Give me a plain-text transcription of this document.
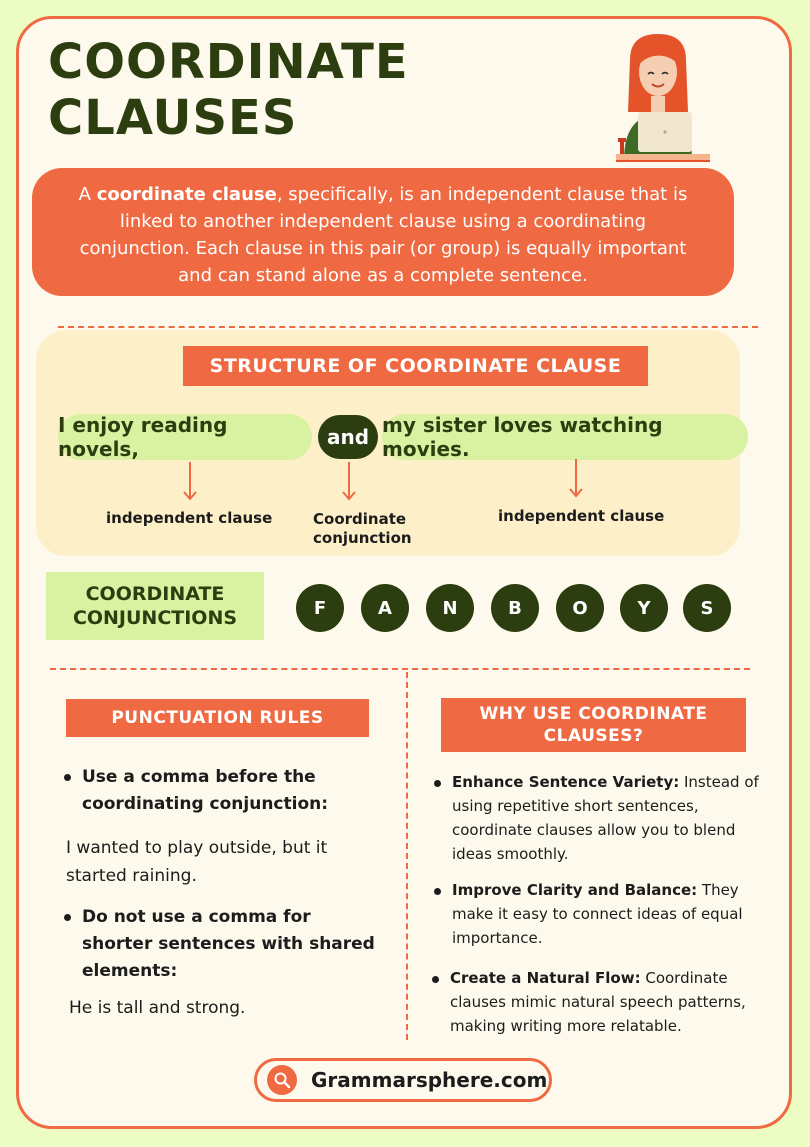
COORDINATE
CLAUSES
A coordinate clause, specifically, is an independent clause that is linked to another independent clause using a coordinating conjunction. Each clause in this pair (or group) is equally important and can stand alone as a complete sentence.
STRUCTURE OF COORDINATE CLAUSE
I enjoy reading novels,	and my sister loves watching movies.
independent clause	Coordinate
conjunction
independent clause
COORDINATE
CONJUNCTIONS	F	A	N	B	O	Y	S
PUNCTUATION RULES
Use a comma before the coordinating conjunction:
I wanted to play outside, but it started raining.
Do not use a comma for shorter sentences with shared elements:
He is tall and strong.
WHY USE COORDINATE
CLAUSES?
Enhance Sentence Variety: Instead of using repetitive short sentences, coordinate clauses allow you to blend ideas smoothly.
Improve Clarity and Balance: They make it easy to connect ideas of equal importance.
Create a Natural Flow: Coordinate clauses mimic natural speech patterns, making writing more relatable.
Grammarsphere.com
